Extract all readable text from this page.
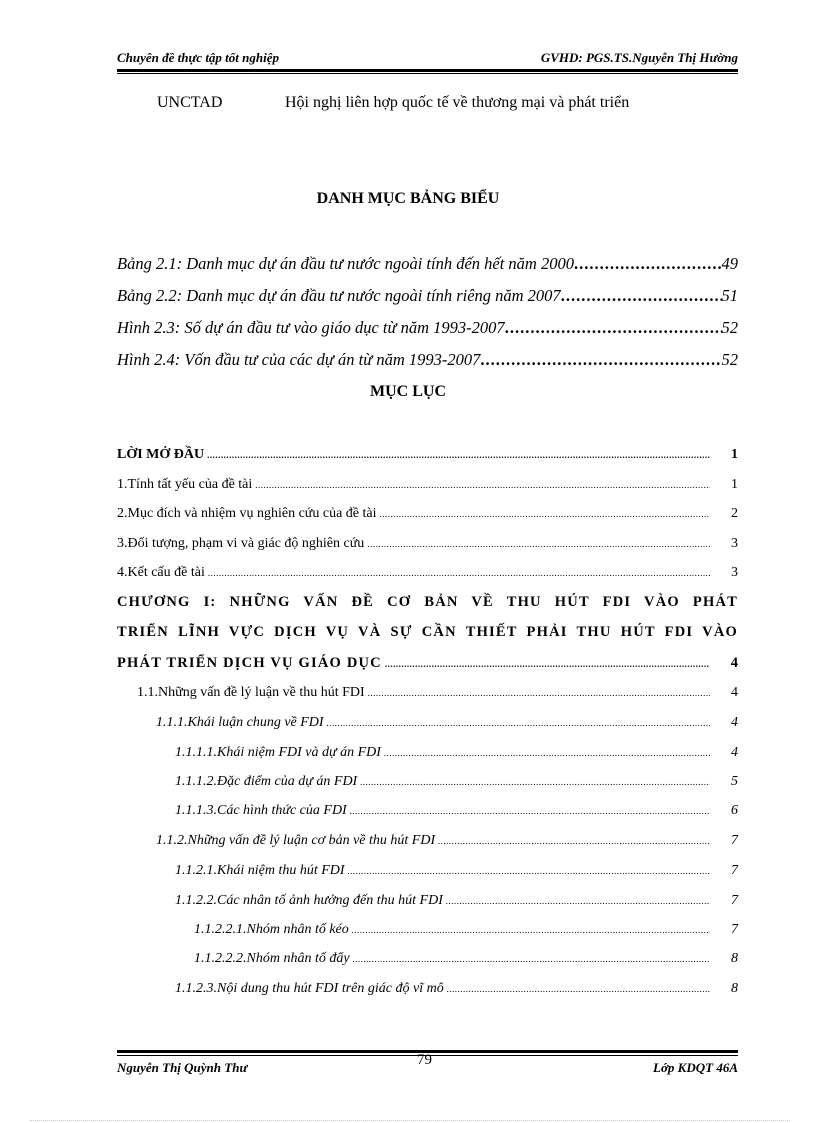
Chuyên đề thực tập tốt nghiệp	GVHD: PGS.TS.Nguyễn Thị Hường
UNCTAD	Hội nghị liên hợp quốc tế về thương mại và phát triển
DANH MỤC BẢNG BIỂU
Bảng 2.1: Danh mục dự án đầu tư nước ngoài tính đến hết năm 2000 .....	49
Bảng 2.2: Danh mục dự án đầu tư nước ngoài tính riêng năm 2007 .....	51
Hình 2.3: Số dự án đầu tư vào giáo dục từ năm 1993-2007 .....	52
Hình 2.4: Vốn đầu tư của các dự án từ năm 1993-2007 .....	52
MỤC LỤC
LỜI MỞ ĐẦU .....	1
1.Tính tất yếu của đề tài .....	1
2.Mục đích và nhiệm vụ nghiên cứu của đề tài .....	2
3.Đối tượng, phạm vi và giác độ nghiên cứu .....	3
4.Kết cấu đề tài .....	3
CHƯƠNG I: NHỮNG VẤN ĐỀ CƠ BẢN VỀ THU HÚT FDI VÀO PHÁT
TRIỂN LĨNH VỰC DỊCH VỤ VÀ SỰ CẦN THIẾT PHẢI THU HÚT FDI VÀO
PHÁT TRIỂN DỊCH VỤ GIÁO DỤC .....	4
1.1.Những vấn đề lý luận về thu hút FDI .....	4
1.1.1.Khái luận chung về FDI .....	4
1.1.1.1.Khái niệm FDI và dự án FDI .....	4
1.1.1.2.Đặc điểm của dự án FDI .....	5
1.1.1.3.Các hình thức của FDI .....	6
1.1.2.Những vấn đề lý luận cơ bản về thu hút FDI .....	7
1.1.2.1.Khái niệm thu hút FDI .....	7
1.1.2.2.Các nhân tố ảnh hưởng đến thu hút FDI .....	7
1.1.2.2.1.Nhóm nhân tố kéo .....	7
1.1.2.2.2.Nhóm nhân tố đẩy .....	8
1.1.2.3.Nội dung thu hút FDI trên giác độ vĩ mô .....	8
Nguyễn Thị Quỳnh Thư	79	Lớp KDQT 46A
